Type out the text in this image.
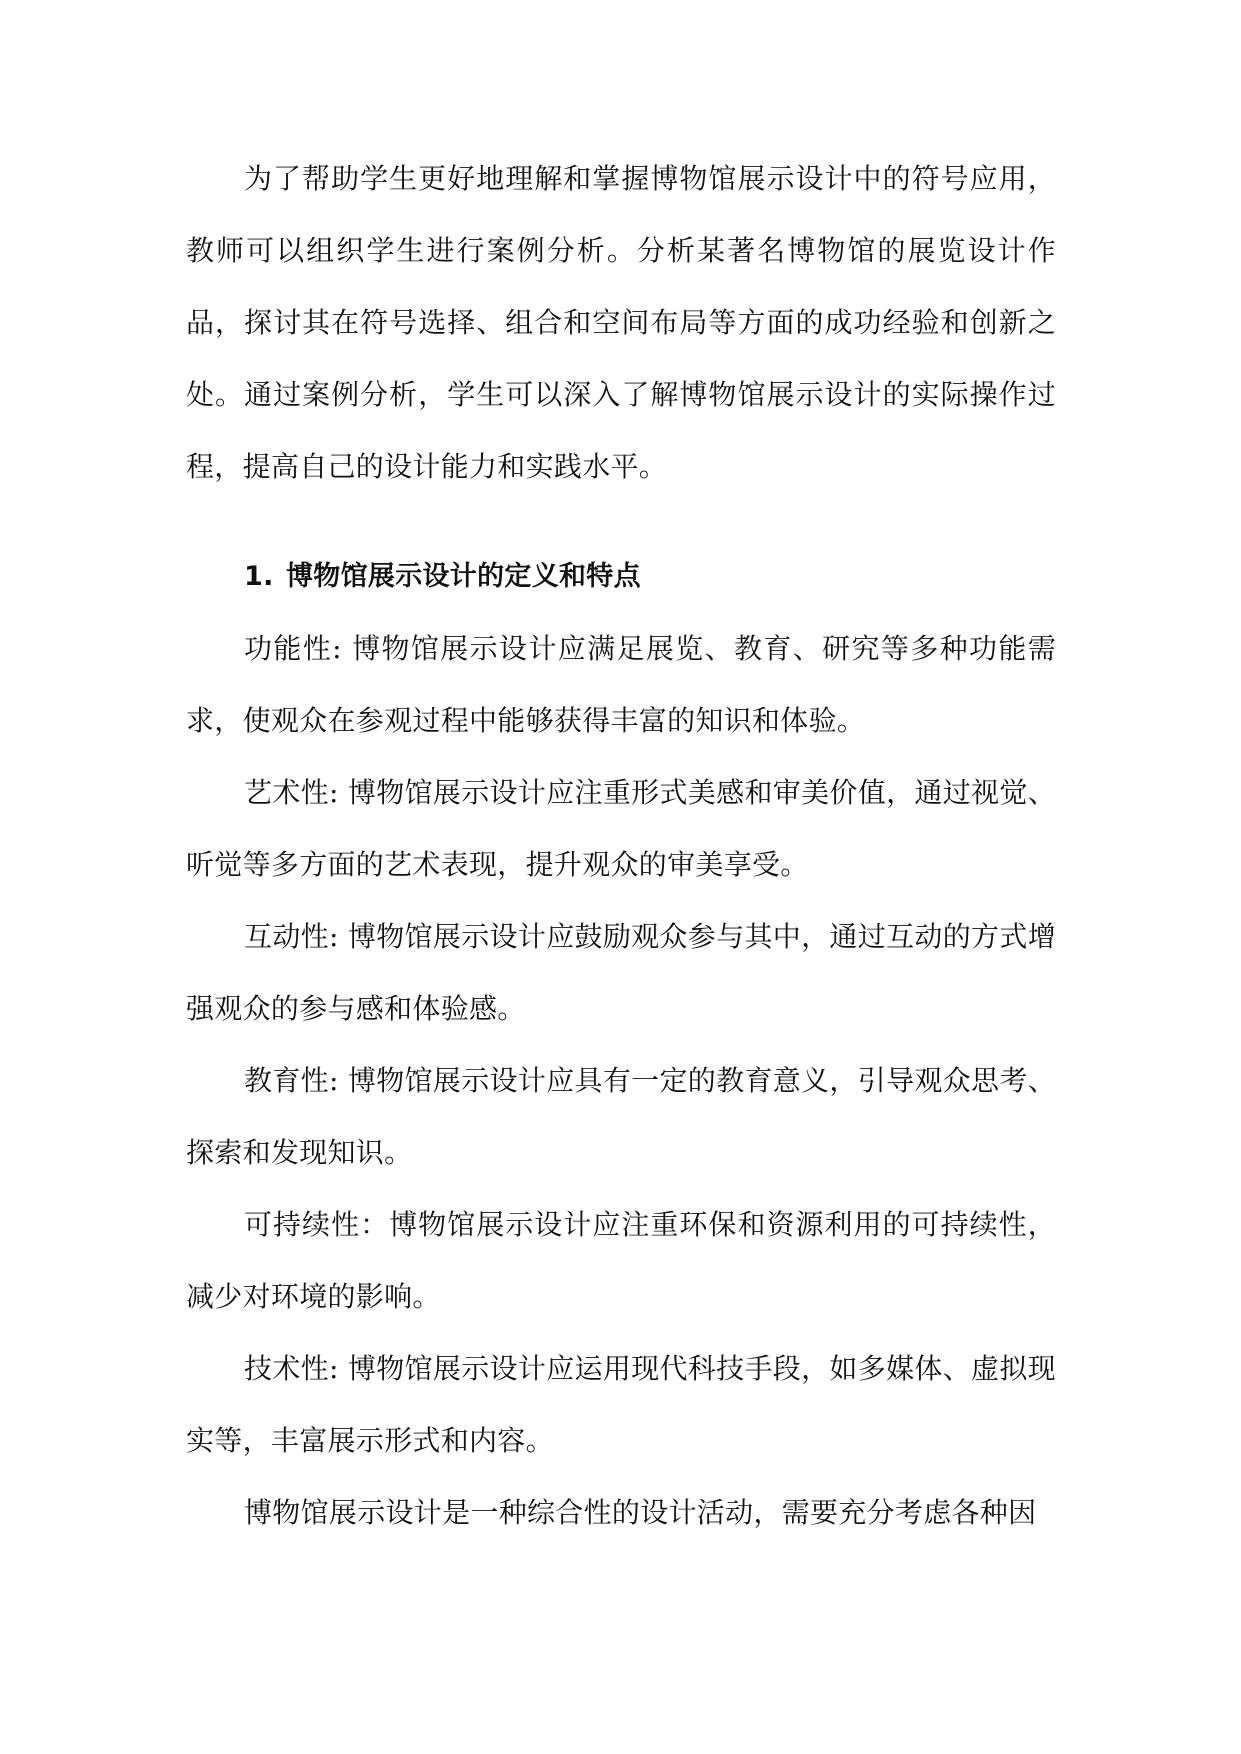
为了帮助学生更好地理解和掌握博物馆展示设计中的符号应用，教师可以组织学生进行案例分析。分析某著名博物馆的展览设计作品，探讨其在符号选择、组合和空间布局等方面的成功经验和创新之处。通过案例分析，学生可以深入了解博物馆展示设计的实际操作过程，提高自己的设计能力和实践水平。

1. 博物馆展示设计的定义和特点

功能性: 博物馆展示设计应满足展览、教育、研究等多种功能需求，使观众在参观过程中能够获得丰富的知识和体验。

艺术性: 博物馆展示设计应注重形式美感和审美价值，通过视觉、听觉等多方面的艺术表现，提升观众的审美享受。

互动性: 博物馆展示设计应鼓励观众参与其中，通过互动的方式增强观众的参与感和体验感。

教育性: 博物馆展示设计应具有一定的教育意义，引导观众思考、探索和发现知识。

可持续性：博物馆展示设计应注重环保和资源利用的可持续性，减少对环境的影响。

技术性: 博物馆展示设计应运用现代科技手段，如多媒体、虚拟现实等，丰富展示形式和内容。

博物馆展示设计是一种综合性的设计活动，需要充分考虑各种因
